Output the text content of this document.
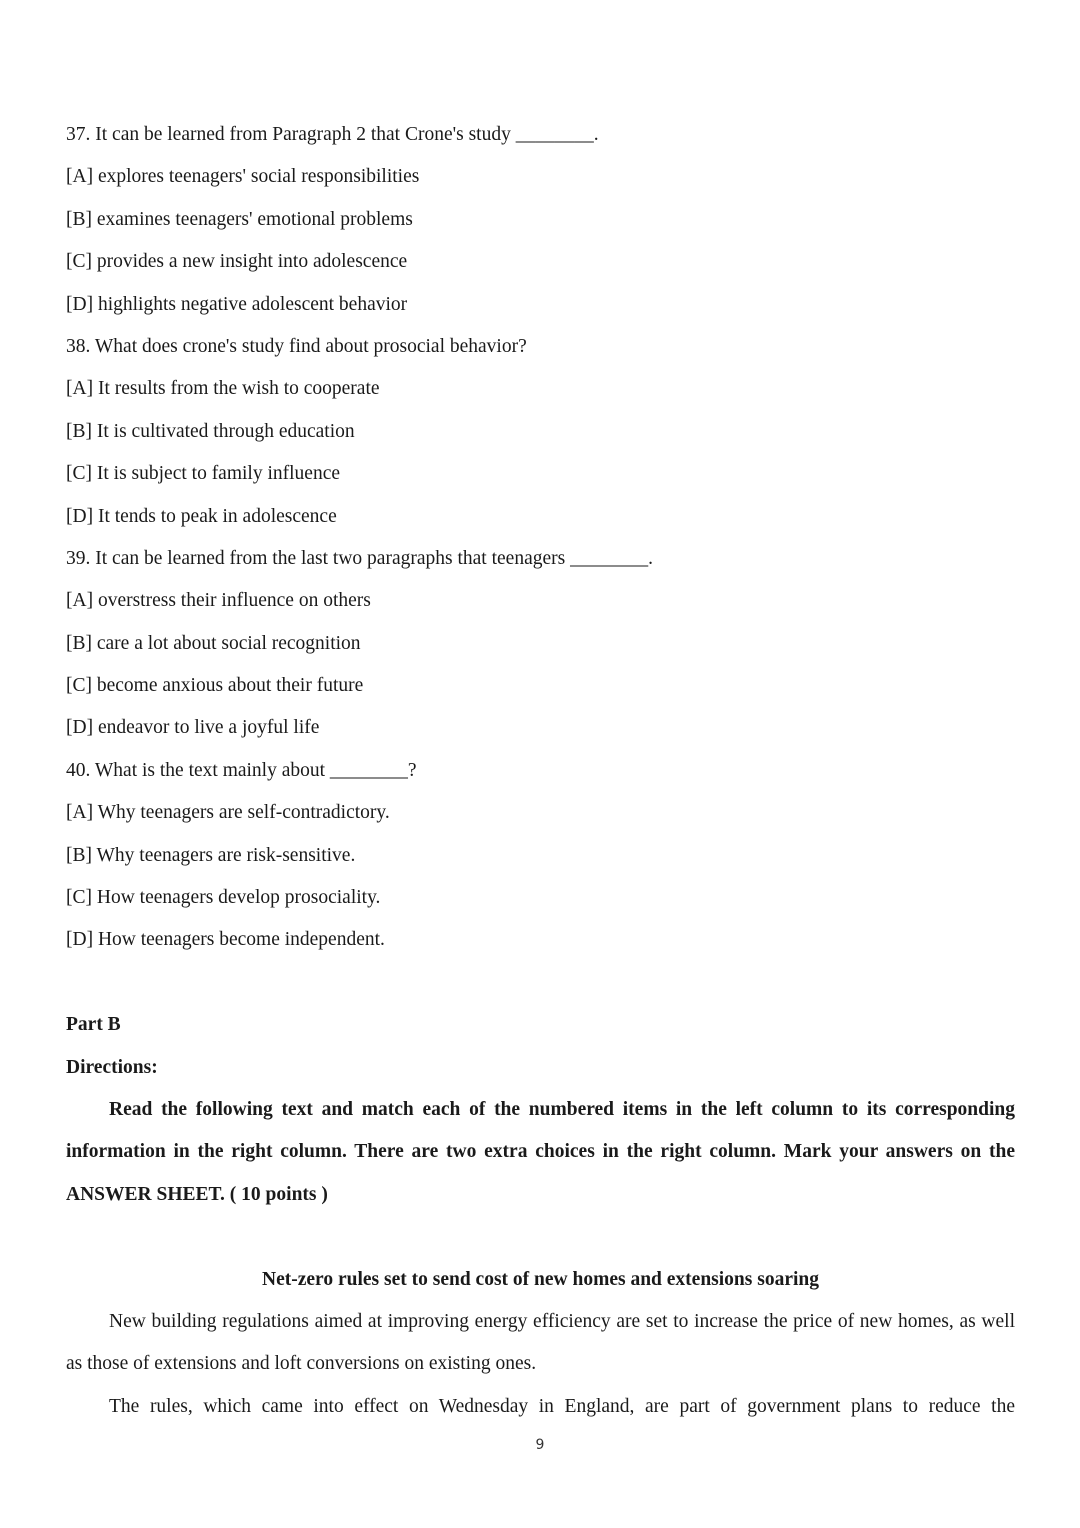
37. It can be learned from Paragraph 2 that Crone's study ________.
[A] explores teenagers' social responsibilities
[B] examines teenagers' emotional problems
[C] provides a new insight into adolescence
[D] highlights negative adolescent behavior
38. What does crone's study find about prosocial behavior?
[A] It results from the wish to cooperate
[B] It is cultivated through education
[C] It is subject to family influence
[D] It tends to peak in adolescence
39. It can be learned from the last two paragraphs that teenagers ________.
[A] overstress their influence on others
[B] care a lot about social recognition
[C] become anxious about their future
[D] endeavor to live a joyful life
40. What is the text mainly about ________?
[A] Why teenagers are self-contradictory.
[B] Why teenagers are risk-sensitive.
[C] How teenagers develop prosociality.
[D] How teenagers become independent.
Part B
Directions:
Read the following text and match each of the numbered items in the left column to its corresponding information in the right column. There are two extra choices in the right column. Mark your answers on the ANSWER SHEET. ( 10 points )
Net-zero rules set to send cost of new homes and extensions soaring
New building regulations aimed at improving energy efficiency are set to increase the price of new homes, as well as those of extensions and loft conversions on existing ones.
The rules, which came into effect on Wednesday in England, are part of government plans to reduce the
9
